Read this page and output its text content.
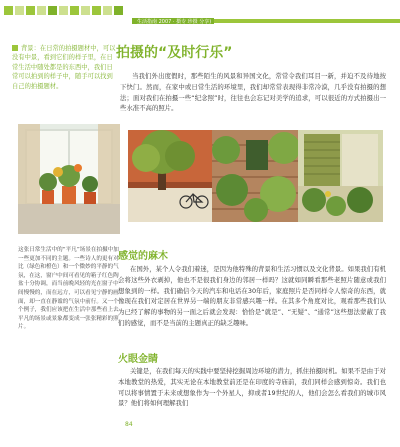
生活指南 2007 · 摄专 珍摄 分享)
背景：在日常的拍摄题材中，可以没有中景，看到它们的样子里，在日常生活中随处都是的东西中，我们日常可以拍到的样子中，随手可以找到自己的拍摄题材。
拍摄的“及时行乐”
当我们外出度假时，那些陌生的风景和异国文化，常常令我们耳目一新，并迫不及待地按下快门。然而，在家中或日常生活的环境里，我们却常常表现得非常冷漠，几乎没有拍摄的想法；面对我们在拍摄一些“纪念照”时，往往也会忘记对美学的追求，可以很近的方式拍摄出一些水准不高的照片。
这张日常生活中的“平凡”场景在拍摄中加一些更加不同的主题。一些诗人的更有对比（绿色和橙色）和一个微妙的平静的气氛，在这，窗户中间可看见的箱子红色陶盆十分协调，而当前晚风轻的光在窗子中间慢慢的，而在远方，可以看见宁静的画面，却一直在静谧的气氛中前行。又一个个例子，我们应该把在生活中那些看上去平凡的场景或景象都变成一张张精彩的照片。
感觉的麻木
在国外，某个人令我们着迷，是因为他特殊的背景和生活习惯以及文化背景。如果我们有机会将这些外衣剥掉，他也不是很我们身边的邻居一样吗？这就如同瞬看那些老照片随意或我们想象到的一样。我们确信今天的汽车和电话在30年后，家庭照片是否同样令人惊奇的东西，就像现在我们对定居在世界另一端的朋友非常感兴趣一样。在其多个角度对比，观看那些我们认为已经了解的事物的另一面之后就会发现：恰恰是“就是”、“无疑”、“通常”这些想法蒙蔽了我们的感觉，而不是当前的主题真正的缺乏趣味。
火眼金睛
关键是，在我们每天的实践中要坚持挖掘周边环境的潜力，抓住拍摄时机。如果不是由于对本地教堂的热爱，其实无论在本地教堂前还是在印度的寺庙前，我们同样会感到惊奇。我们也可以将事情置于未来或想象作为一个外星人，抑或者19世纪的人，他们会怎么看我们的城市风景？他们将如何理解我们
84
